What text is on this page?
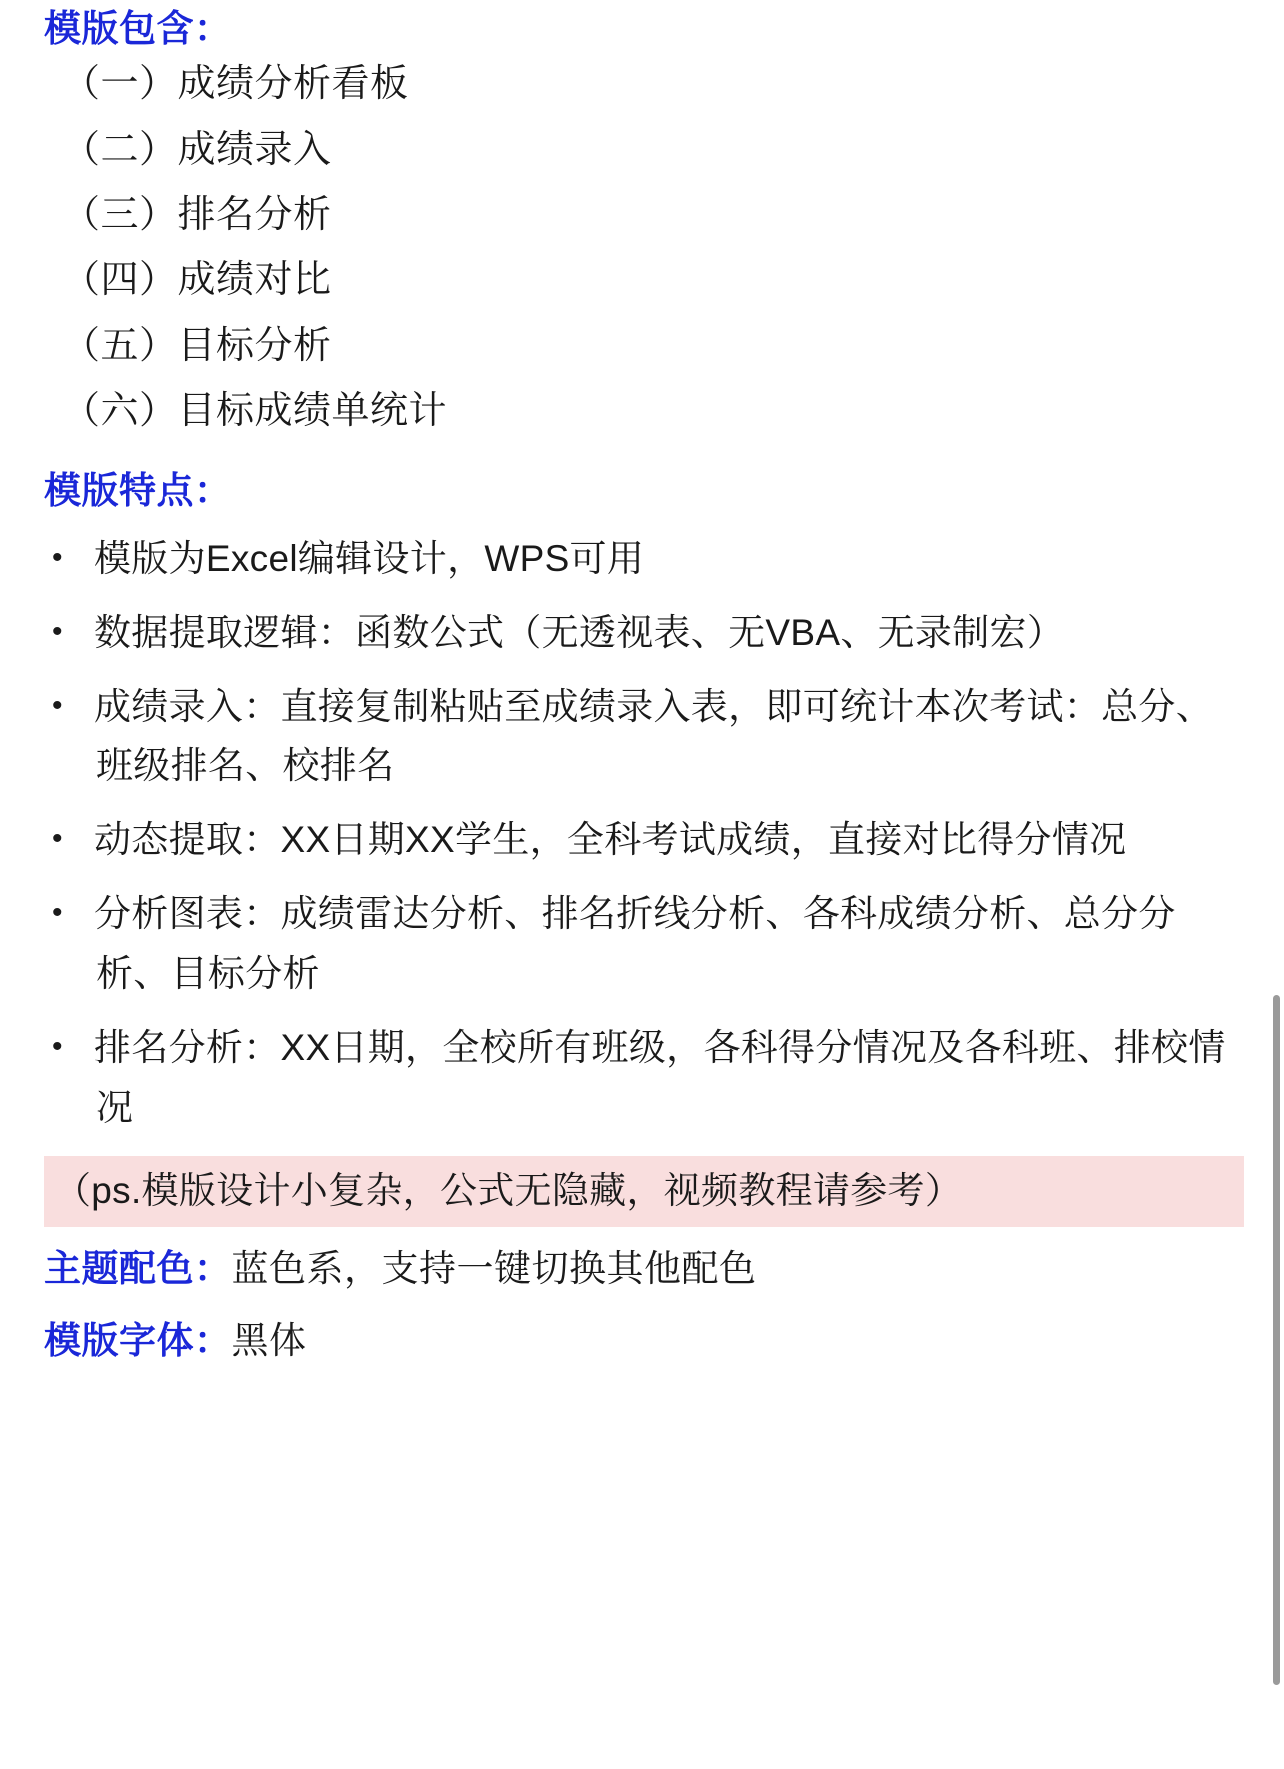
模版包含：

（一）成绩分析看板

（二）成绩录入

（三）排名分析

（四）成绩对比

（五）目标分析

（六）目标成绩单统计

模版特点：
• 模版为Excel编辑设计，WPS可用
• 数据提取逻辑：函数公式（无透视表、无VBA、无录制宏）
• 成绩录入：直接复制粘贴至成绩录入表，即可统计本次考试：总分、班级排名、校排名
• 动态提取：XX日期XX学生，全科考试成绩，直接对比得分情况
• 分析图表：成绩雷达分析、排名折线分析、各科成绩分析、总分分析、目标分析
• 排名分析：XX日期，全校所有班级，各科得分情况及各科班、排校情况

（ps.模版设计小复杂，公式无隐藏，视频教程请参考）

主题配色：蓝色系，支持一键切换其他配色

模版字体：黑体
